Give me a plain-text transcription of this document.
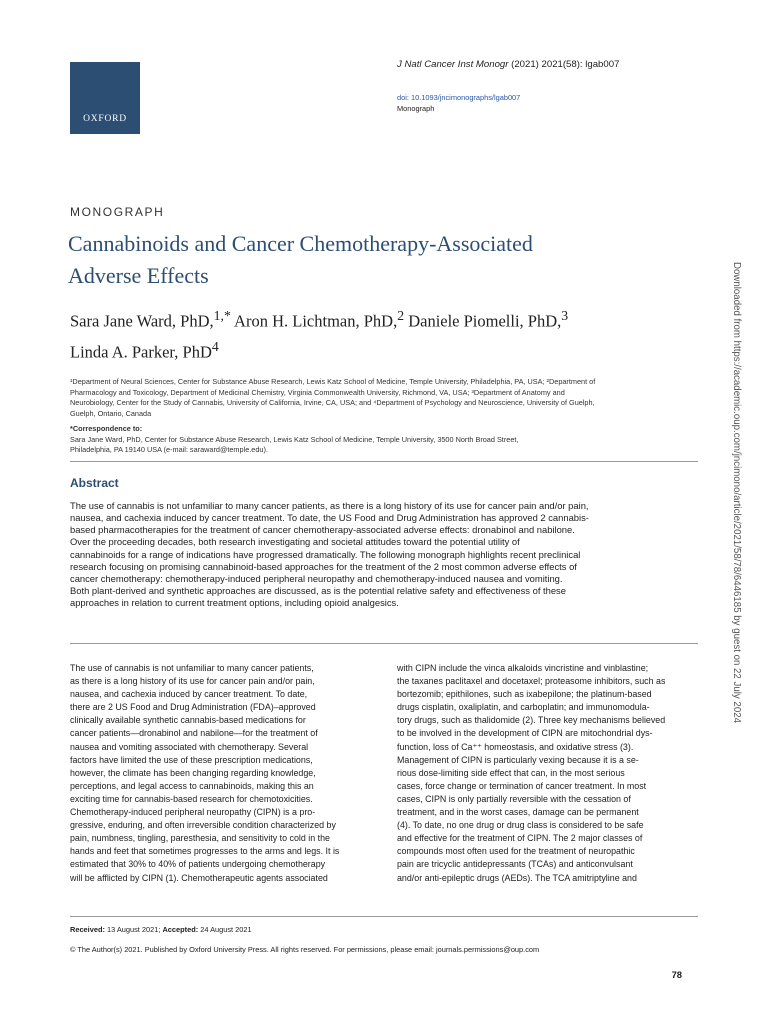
OXFORD
J Natl Cancer Inst Monogr (2021) 2021(58): lgab007
doi: 10.1093/jncimonographs/lgab007
Monograph
MONOGRAPH
Cannabinoids and Cancer Chemotherapy-Associated
Adverse Effects
Sara Jane Ward, PhD,$^{1,*}$ Aron H. Lichtman, PhD,$^2$ Daniele Piomelli, PhD,$^3$
Linda A. Parker, PhD$^4$
¹Department of Neural Sciences, Center for Substance Abuse Research, Lewis Katz School of Medicine, Temple University, Philadelphia, PA, USA; ²Department of
Pharmacology and Toxicology, Department of Medicinal Chemistry, Virginia Commonwealth University, Richmond, VA, USA; ³Department of Anatomy and
Neurobiology, Center for the Study of Cannabis, University of California, Irvine, CA, USA; and ⁴Department of Psychology and Neuroscience, University of Guelph,
Guelph, Ontario, Canada
*Correspondence to:
Sara Jane Ward, PhD, Center for Substance Abuse Research, Lewis Katz School of Medicine, Temple University, 3500 North Broad Street,
Philadelphia, PA 19140 USA (e-mail: saraward@temple.edu).
Abstract
The use of cannabis is not unfamiliar to many cancer patients, as there is a long history of its use for cancer pain and/or pain,
nausea, and cachexia induced by cancer treatment. To date, the US Food and Drug Administration has approved 2 cannabis-
based pharmacotherapies for the treatment of cancer chemotherapy-associated adverse effects: dronabinol and nabilone.
Over the proceeding decades, both research investigating and societal attitudes toward the potential utility of
cannabinoids for a range of indications have progressed dramatically. The following monograph highlights recent preclinical
research focusing on promising cannabinoid-based approaches for the treatment of the 2 most common adverse effects of
cancer chemotherapy: chemotherapy-induced peripheral neuropathy and chemotherapy-induced nausea and vomiting.
Both plant-derived and synthetic approaches are discussed, as is the potential relative safety and effectiveness of these
approaches in relation to current treatment options, including opioid analgesics.
The use of cannabis is not unfamiliar to many cancer patients,
as there is a long history of its use for cancer pain and/or pain,
nausea, and cachexia induced by cancer treatment. To date,
there are 2 US Food and Drug Administration (FDA)–approved
clinically available synthetic cannabis-based medications for
cancer patients—dronabinol and nabilone—for the treatment of
nausea and vomiting associated with chemotherapy. Several
factors have limited the use of these prescription medications,
however, the climate has been changing regarding knowledge,
perceptions, and legal access to cannabinoids, making this an
exciting time for cannabis-based research for chemotoxicities.
Chemotherapy-induced peripheral neuropathy (CIPN) is a pro-
gressive, enduring, and often irreversible condition characterized by
pain, numbness, tingling, paresthesia, and sensitivity to cold in the
hands and feet that sometimes progresses to the arms and legs. It is
estimated that 30% to 40% of patients undergoing chemotherapy
will be afflicted by CIPN (1). Chemotherapeutic agents associated
with CIPN include the vinca alkaloids vincristine and vinblastine;
the taxanes paclitaxel and docetaxel; proteasome inhibitors, such as
bortezomib; epithilones, such as ixabepilone; the platinum-based
drugs cisplatin, oxaliplatin, and carboplatin; and immunomodula-
tory drugs, such as thalidomide (2). Three key mechanisms believed
to be involved in the development of CIPN are mitochondrial dys-
function, loss of Ca⁺⁺ homeostasis, and oxidative stress (3).
Management of CIPN is particularly vexing because it is a se-
rious dose-limiting side effect that can, in the most serious
cases, force change or termination of cancer treatment. In most
cases, CIPN is only partially reversible with the cessation of
treatment, and in the worst cases, damage can be permanent
(4). To date, no one drug or drug class is considered to be safe
and effective for the treatment of CIPN. The 2 major classes of
compounds most often used for the treatment of neuropathic
pain are tricyclic antidepressants (TCAs) and anticonvulsant
and/or anti-epileptic drugs (AEDs). The TCA amitriptyline and
Received: 13 August 2021; Accepted: 24 August 2021
© The Author(s) 2021. Published by Oxford University Press. All rights reserved. For permissions, please email: journals.permissions@oup.com
78
Downloaded from https://academic.oup.com/jncimono/article/2021/58/78/6446185 by guest on 22 July 2024
